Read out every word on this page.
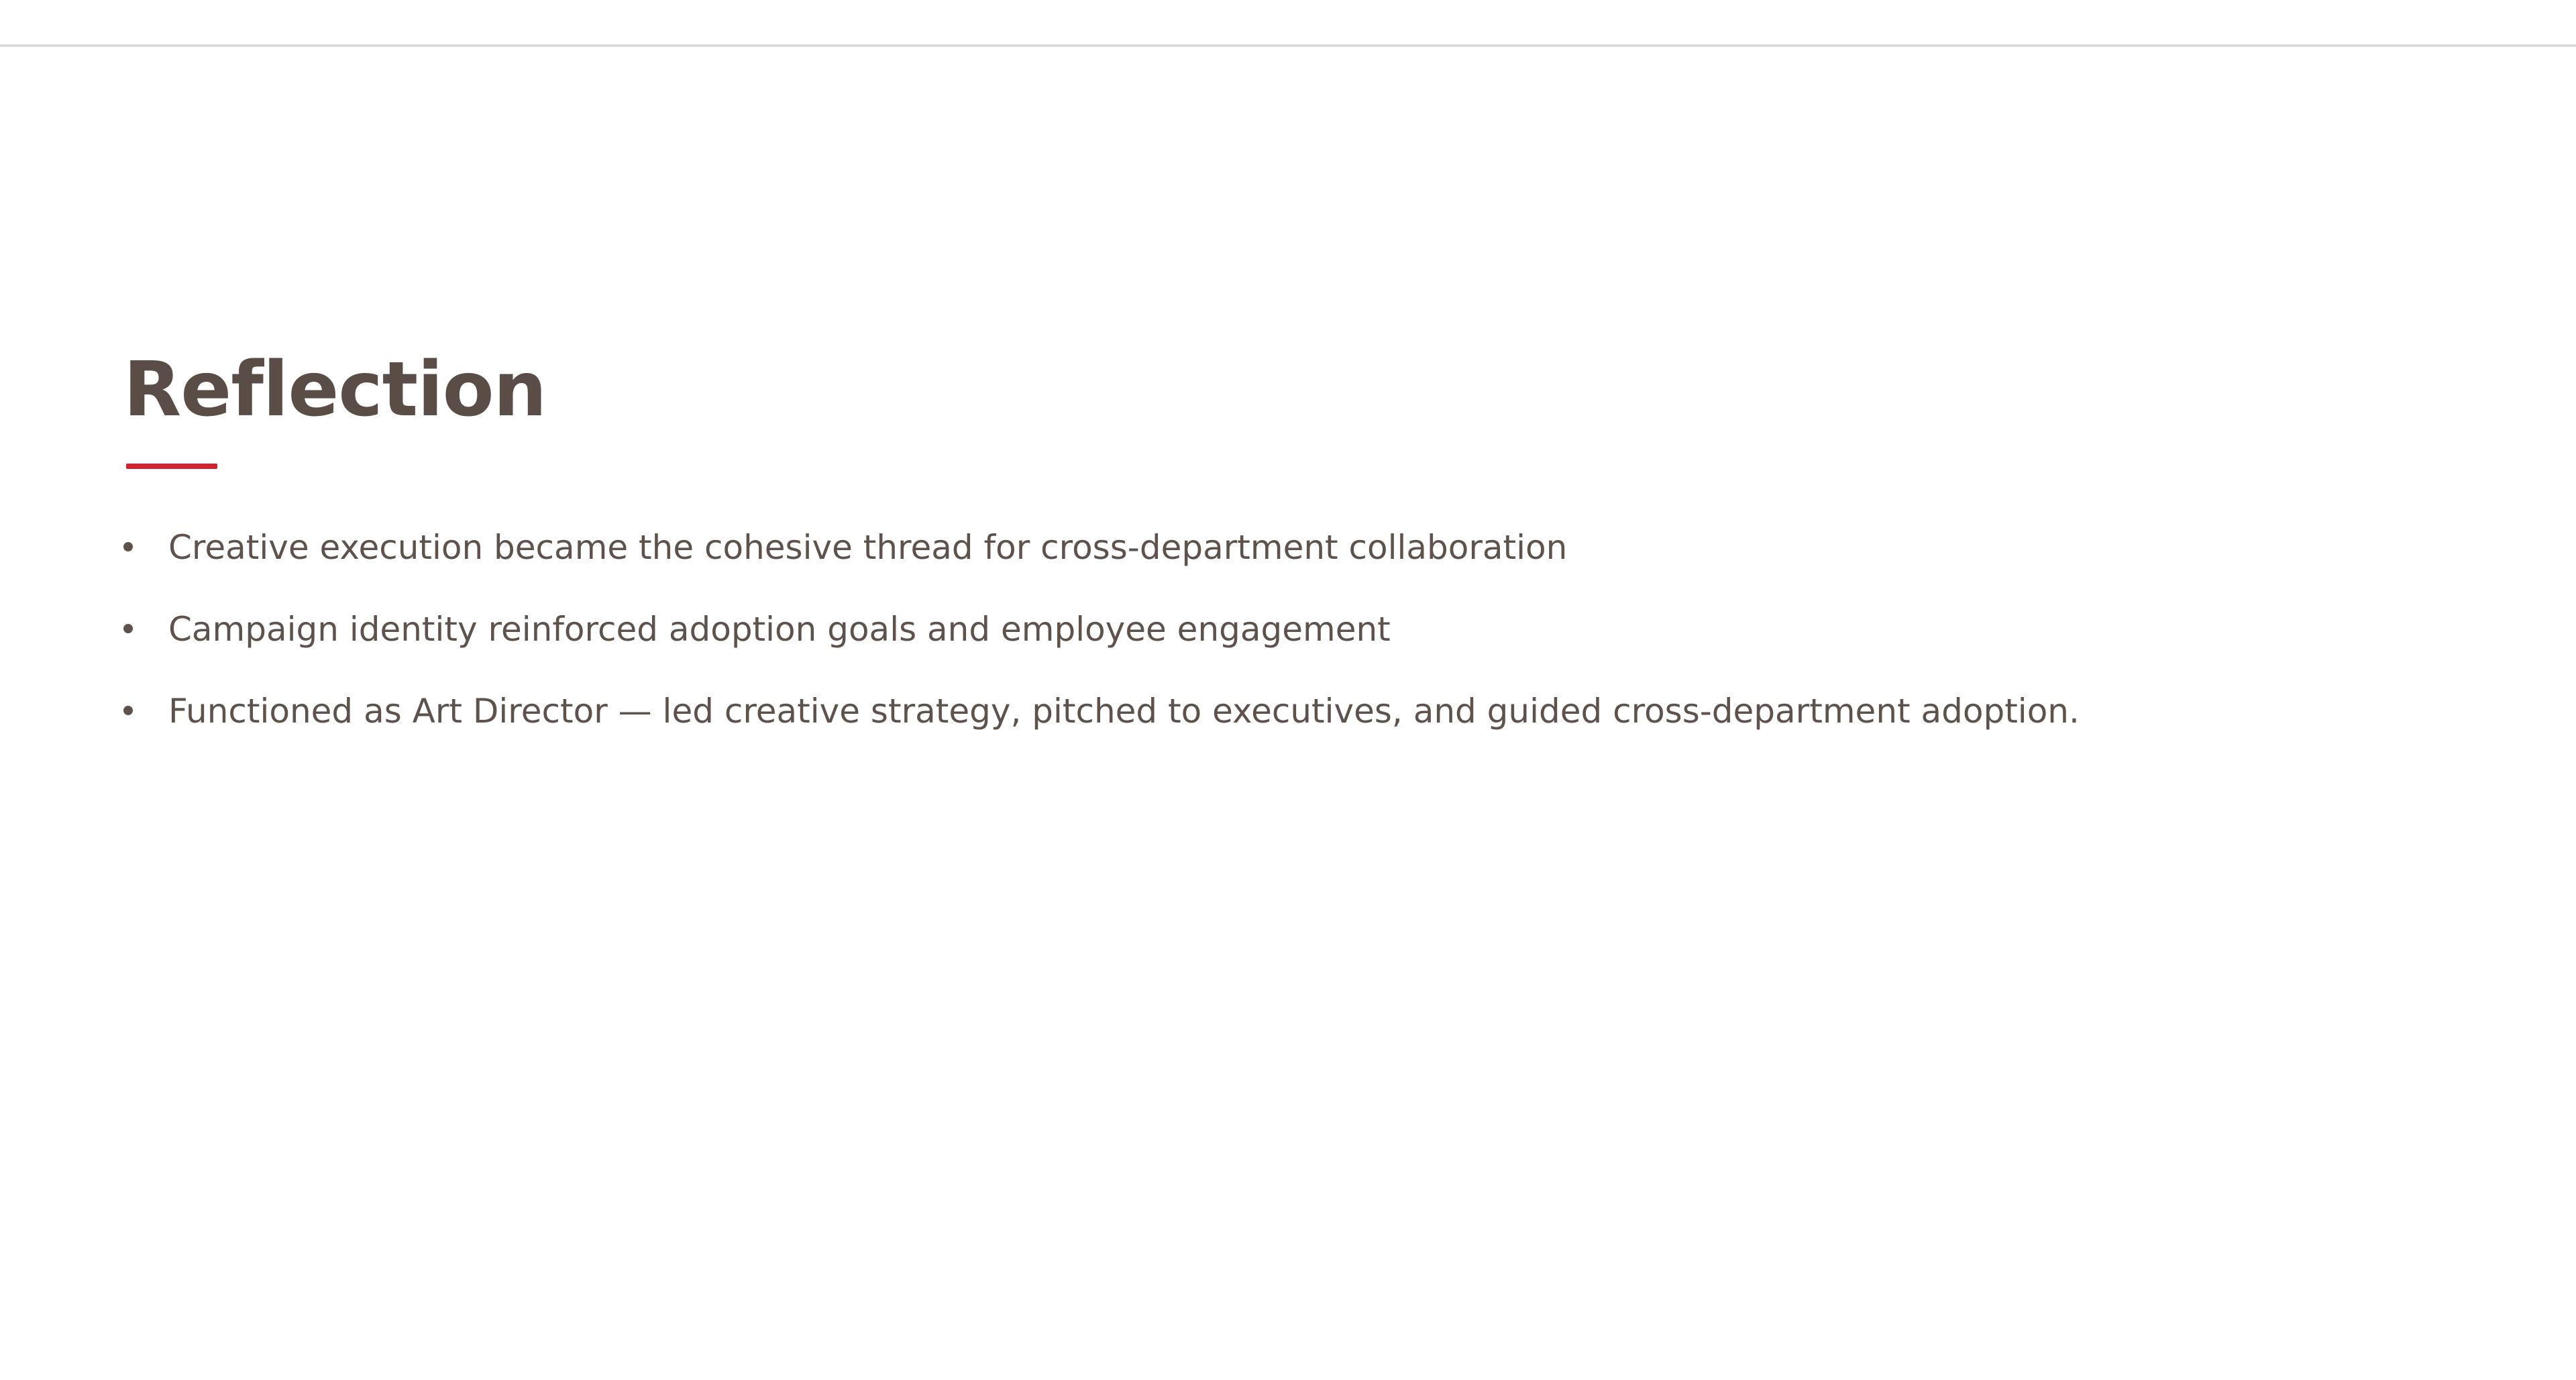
Reflection
Creative execution became the cohesive thread for cross-department collaboration
Campaign identity reinforced adoption goals and employee engagement
Functioned as Art Director — led creative strategy, pitched to executives, and guided cross-department adoption.
